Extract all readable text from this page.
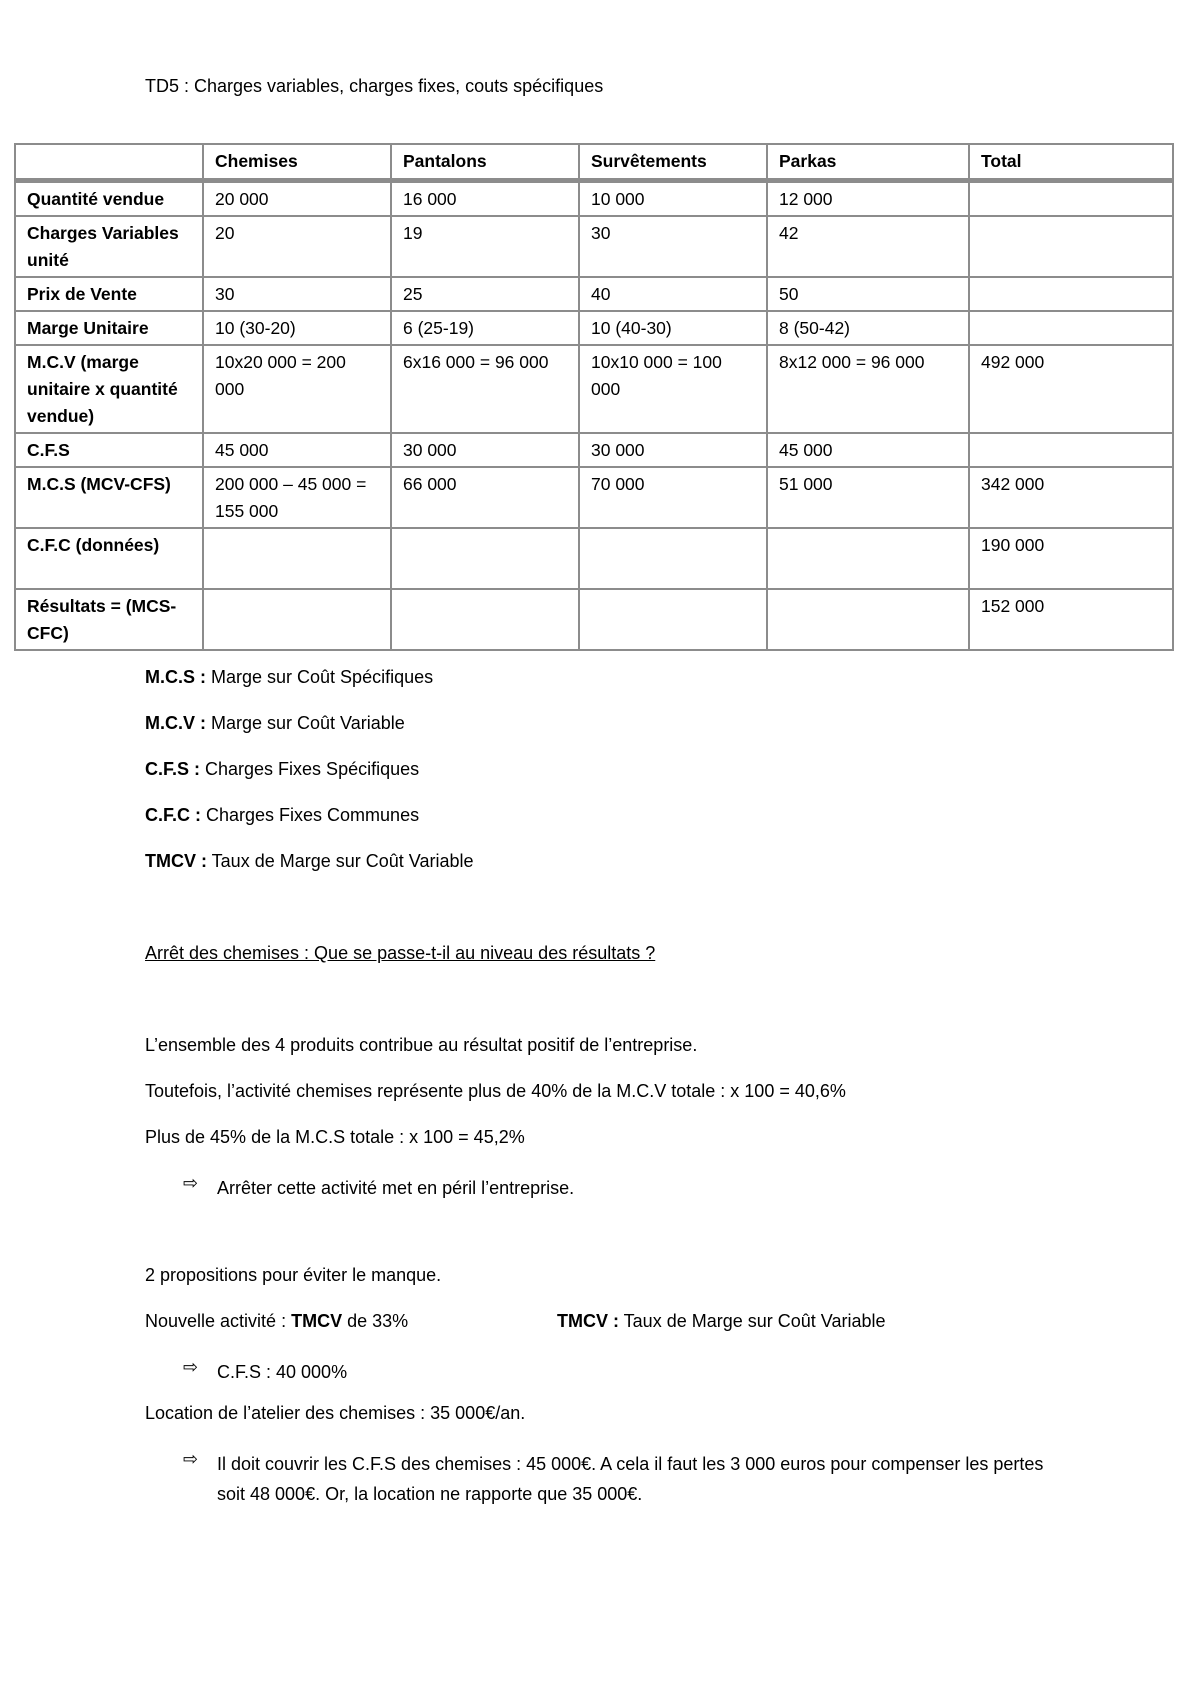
TD5 : Charges variables, charges fixes, couts spécifiques
	Chemises	Pantalons	Survêtements	Parkas	Total
Quantité vendue	20 000	16 000	10 000	12 000	
Charges Variables unité	20	19	30	42	
Prix de Vente	30	25	40	50	
Marge Unitaire	10 (30-20)	6 (25-19)	10 (40-30)	8 (50-42)	
M.C.V (marge unitaire x quantité vendue)	10x20 000 = 200 000	6x16 000 = 96 000	10x10 000 = 100 000	8x12 000 = 96 000	492 000
C.F.S	45 000	30 000	30 000	45 000	
M.C.S (MCV-CFS)	200 000 – 45 000 = 155 000	66 000	70 000	51 000	342 000
C.F.C (données)					190 000
Résultats = (MCS-CFC)					152 000
M.C.S : Marge sur Coût Spécifiques
M.C.V : Marge sur Coût Variable
C.F.S : Charges Fixes Spécifiques
C.F.C : Charges Fixes Communes
TMCV : Taux de Marge sur Coût Variable
Arrêt des chemises : Que se passe-t-il au niveau des résultats ?
L’ensemble des 4 produits contribue au résultat positif de l’entreprise.
Toutefois, l’activité chemises représente plus de 40% de la M.C.V totale : x 100 = 40,6%
Plus de 45% de la M.C.S totale : x 100 = 45,2%
⇨ Arrêter cette activité met en péril l’entreprise.
2 propositions pour éviter le manque.
Nouvelle activité : TMCV de 33%	TMCV : Taux de Marge sur Coût Variable
⇨ C.F.S : 40 000%
Location de l’atelier des chemises : 35 000€/an.
⇨ Il doit couvrir les C.F.S des chemises : 45 000€. A cela il faut les 3 000 euros pour compenser les pertes soit 48 000€. Or, la location ne rapporte que 35 000€.
